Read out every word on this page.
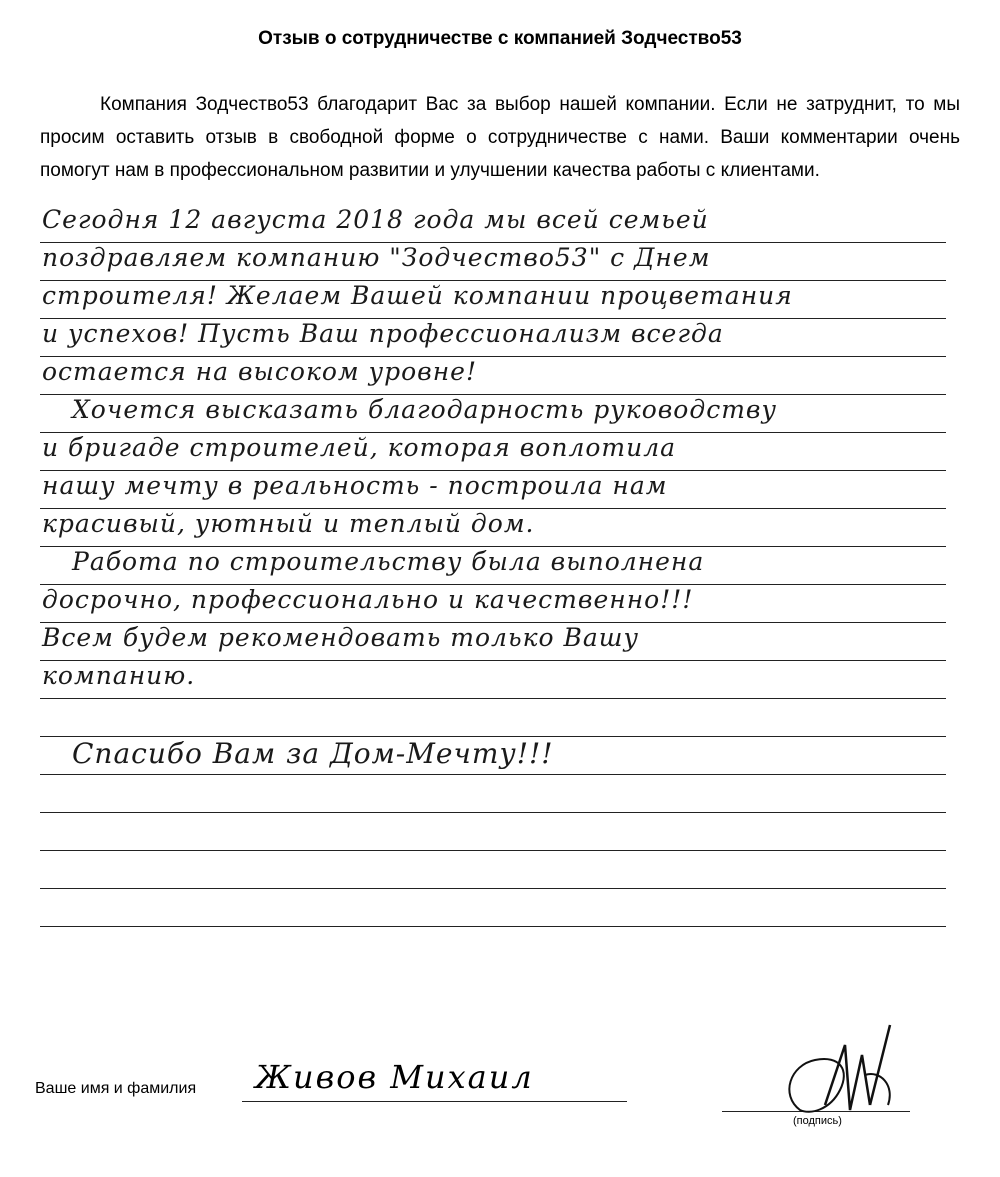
Отзыв о сотрудничестве с компанией Зодчество53
Компания Зодчество53 благодарит Вас за выбор нашей компании. Если не затруднит, то мы просим оставить отзыв в свободной форме о сотрудничестве с нами. Ваши комментарии очень помогут нам в профессиональном развитии и улучшении качества работы с клиентами.
Сегодня 12 августа 2018 года мы всей семьей
поздравляем компанию "Зодчество53" с Днем
строителя! Желаем Вашей компании процветания
и успехов! Пусть Ваш профессионализм всегда
остается на высоком уровне!
Хочется высказать благодарность руководству
и бригаде строителей, которая воплотила
нашу мечту в реальность - построила нам
красивый, уютный и теплый дом.
Работа по строительству была выполнена
досрочно, профессионально и качественно!!!
Всем будем рекомендовать только Вашу
компанию.
Спасибо Вам за Дом-Мечту!!!
Ваше имя и фамилия Живов Михаил
(подпись)
